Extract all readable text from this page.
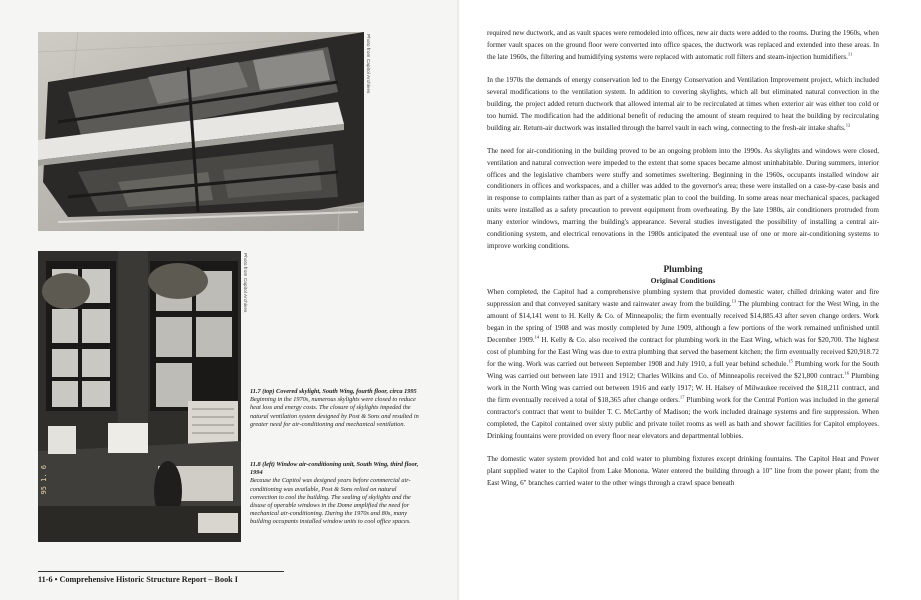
Photo from Capitol Archives
95 1. 6
Photo from Capitol Archives
11.7 (top) Covered skylight, South Wing, fourth floor, circa 1995

Beginning in the 1970s, numerous skylights were closed to reduce heat loss and energy costs. The closure of skylights impeded the natural ventilation system designed by Post & Sons and resulted in greater need for air-conditioning and mechanical ventilation.

11.8 (left) Window air-conditioning unit, South Wing, third floor, 1994

Because the Capitol was designed years before commercial air-conditioning was available, Post & Sons relied on natural convection to cool the building. The sealing of skylights and the disuse of operable windows in the Dome amplified the need for mechanical air-conditioning. During the 1970s and 80s, many building occupants installed window units to cool office spaces.

11-6 • Comprehensive Historic Structure Report – Book I

required new ductwork, and as vault spaces were remodeled into offices, new air ducts were added to the rooms. During the 1960s, when former vault spaces on the ground floor were converted into office spaces, the ductwork was replaced and extended into these areas. In the late 1960s, the filtering and humidifying systems were replaced with automatic roll filters and steam-injection humidifiers.$^{11}$

In the 1970s the demands of energy conservation led to the Energy Conservation and Ventilation Improvement project, which included several modifications to the ventilation system. In addition to covering skylights, which all but eliminated natural convection in the building, the project added return ductwork that allowed internal air to be recirculated at times when exterior air was either too cold or too humid. The modification had the additional benefit of reducing the amount of steam required to heat the building by recirculating building air. Return-air ductwork was installed through the barrel vault in each wing, connecting to the fresh-air intake shafts.$^{12}$

The need for air-conditioning in the building proved to be an ongoing problem into the 1990s. As skylights and windows were closed, ventilation and natural convection were impeded to the extent that some spaces became almost uninhabitable. During summers, interior offices and the legislative chambers were stuffy and sometimes sweltering. Beginning in the 1960s, occupants installed window air conditioners in offices and workspaces, and a chiller was added to the governor's area; these were installed on a case-by-case basis and in response to complaints rather than as part of a systematic plan to cool the building. In some areas near mechanical spaces, packaged units were installed as a safety precaution to prevent equipment from overheating. By the late 1980s, air conditioners protruded from many exterior windows, marring the building's appearance. Several studies investigated the possibility of installing a central air-conditioning system, and electrical renovations in the 1980s anticipated the eventual use of one or more air-conditioning systems to improve working conditions.

Plumbing
Original Conditions

When completed, the Capitol had a comprehensive plumbing system that provided domestic water, chilled drinking water and fire suppression and that conveyed sanitary waste and rainwater away from the building.$^{13}$ The plumbing contract for the West Wing, in the amount of $14,141 went to H. Kelly & Co. of Minneapolis; the firm eventually received $14,885.43 after seven change orders. Work began in the spring of 1908 and was mostly completed by June 1909, although a few portions of the work remained unfinished until December 1909.14 H. Kelly & Co. also received the contract for plumbing work in the East Wing, which was for $20,700. The highest cost of plumbing for the East Wing was due to extra plumbing that served the basement kitchen; the firm eventually received $20,918.72 for the wing. Work was carried out between September 1908 and July 1910, a full year behind schedule.$^{15}$ Plumbing work for the South Wing was carried out between late 1911 and 1912; Charles Wilkins and Co. of Minneapolis received the $21,800 contract.$^{16}$ Plumbing work in the North Wing was carried out between 1916 and early 1917; W. H. Halsey of Milwaukee received the $18,211 contract, and the firm eventually received a total of $18,365 after change orders.$^{17}$ Plumbing work for the Central Portion was included in the general contractor's contract that went to builder T. C. McCarthy of Madison; the work included drainage systems and fire suppression. When completed, the Capitol contained over sixty public and private toilet rooms as well as bath and shower facilities for Capitol employees. Drinking fountains were provided on every floor near elevators and departmental lobbies.

The domestic water system provided hot and cold water to plumbing fixtures except drinking fountains. The Capitol Heat and Power plant supplied water to the Capitol from Lake Monona. Water entered the building through a 10" line from the power plant; from the East Wing, 6" branches carried water to the other wings through a crawl space beneath
